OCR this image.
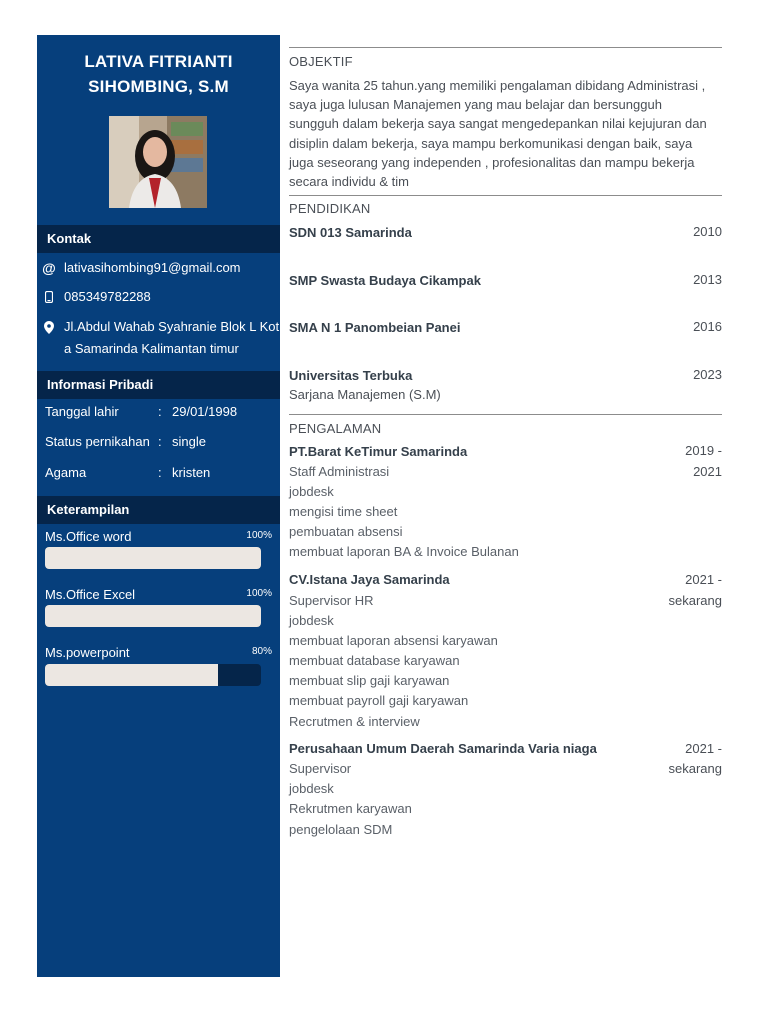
LATIVA FITRIANTI
SIHOMBING, S.M
Kontak
@ lativasihombing91@gmail.com
085349782288
Jl.Abdul Wahab Syahranie Blok L Kota Samarinda Kalimantan timur
Informasi Pribadi
Tanggal lahir	: 29/01/1998
Status pernikahan : single
Agama	: kristen
Keterampilan
Ms.Office word	100%
Ms.Office Excel	100%
Ms.powerpoint	80%
OBJEKTIF
Saya wanita 25 tahun.yang memiliki pengalaman dibidang Administrasi ,
saya juga lulusan Manajemen yang mau belajar dan bersungguh
sungguh dalam bekerja saya sangat mengedepankan nilai kejujuran dan
disiplin dalam bekerja, saya mampu berkomunikasi dengan baik, saya
juga seseorang yang independen , profesionalitas dan mampu bekerja
secara individu & tim
PENDIDIKAN
SDN 013 Samarinda	2010
SMP Swasta Budaya Cikampak	2013
SMA N 1 Panombeian Panei	2016
Universitas Terbuka	2023
Sarjana Manajemen (S.M)
PENGALAMAN
PT.Barat KeTimur Samarinda	2019 -
2021
Staff Administrasi
jobdesk
mengisi time sheet
pembuatan absensi
membuat laporan BA & Invoice Bulanan
CV.Istana Jaya Samarinda	2021 -
sekarang
Supervisor HR
jobdesk
membuat laporan absensi karyawan
membuat database karyawan
membuat slip gaji karyawan
membuat payroll gaji karyawan
Recrutmen & interview
Perusahaan Umum Daerah Samarinda Varia niaga	2021 -
sekarang
Supervisor
jobdesk
Rekrutmen karyawan
pengelolaan SDM
